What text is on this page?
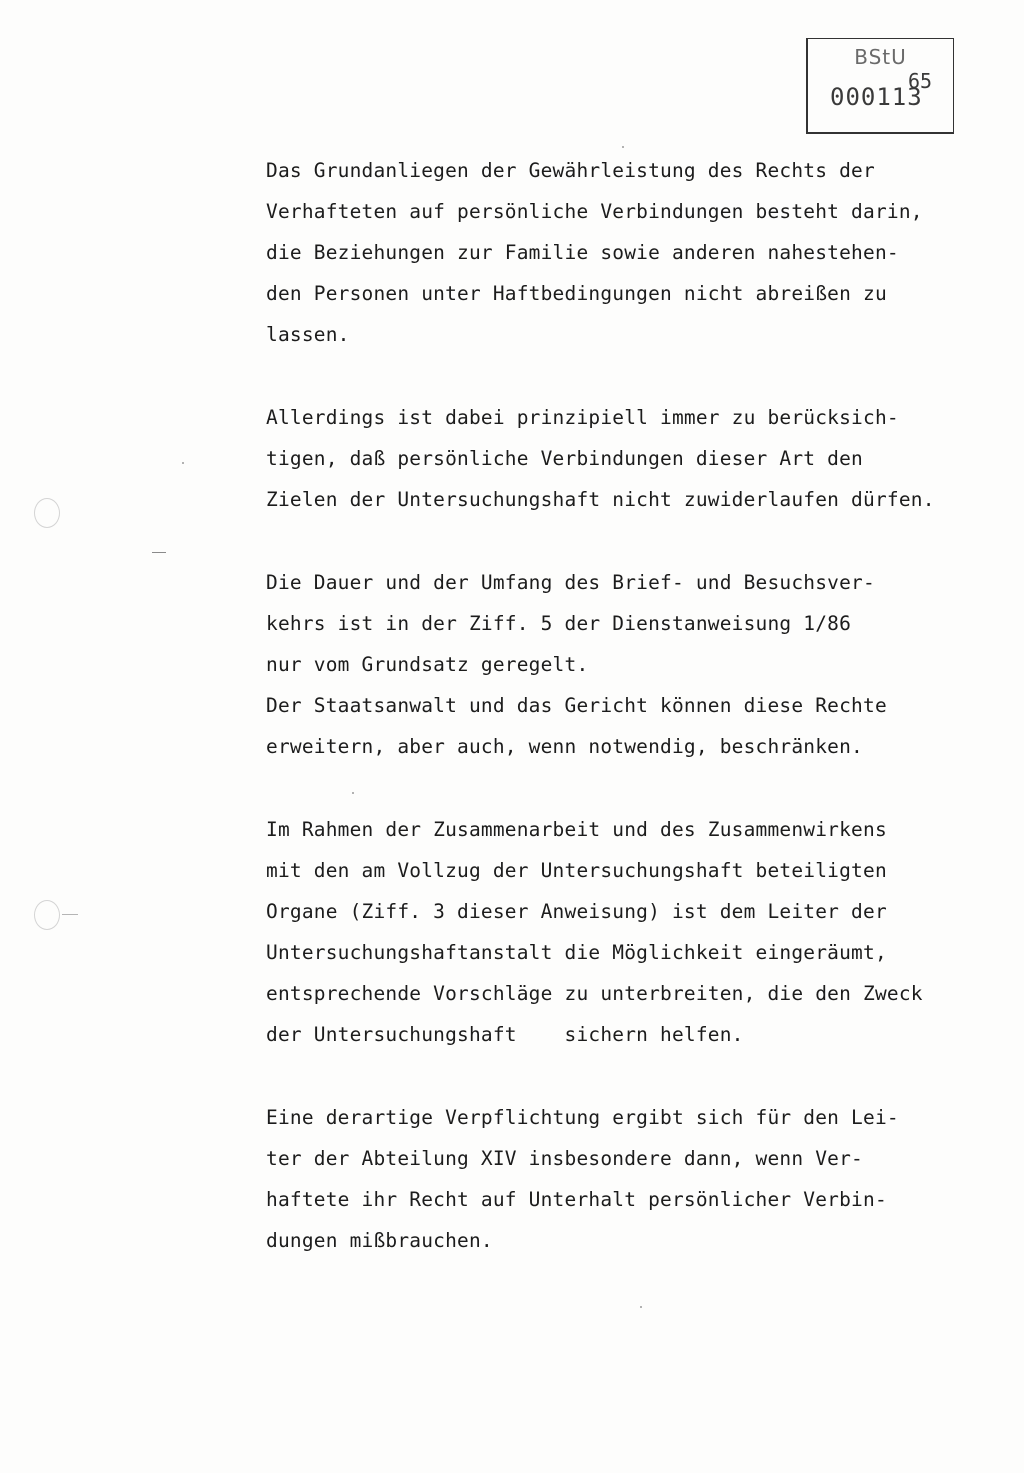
BStU
65
000113
Das Grundanliegen der Gewährleistung des Rechts der
Verhafteten auf persönliche Verbindungen besteht darin,
die Beziehungen zur Familie sowie anderen nahestehen-
den Personen unter Haftbedingungen nicht abreißen zu
lassen.
Allerdings ist dabei prinzipiell immer zu berücksich-
tigen, daß persönliche Verbindungen dieser Art den
Zielen der Untersuchungshaft nicht zuwiderlaufen dürfen.
Die Dauer und der Umfang des Brief- und Besuchsver-
kehrs ist in der Ziff. 5 der Dienstanweisung 1/86
nur vom Grundsatz geregelt.
Der Staatsanwalt und das Gericht können diese Rechte
erweitern, aber auch, wenn notwendig, beschränken.
Im Rahmen der Zusammenarbeit und des Zusammenwirkens
mit den am Vollzug der Untersuchungshaft beteiligten
Organe (Ziff. 3 dieser Anweisung) ist dem Leiter der
Untersuchungshaftanstalt die Möglichkeit eingeräumt,
entsprechende Vorschläge zu unterbreiten, die den Zweck
der Untersuchungshaft    sichern helfen.
Eine derartige Verpflichtung ergibt sich für den Lei-
ter der Abteilung XIV insbesondere dann, wenn Ver-
haftete ihr Recht auf Unterhalt persönlicher Verbin-
dungen mißbrauchen.
